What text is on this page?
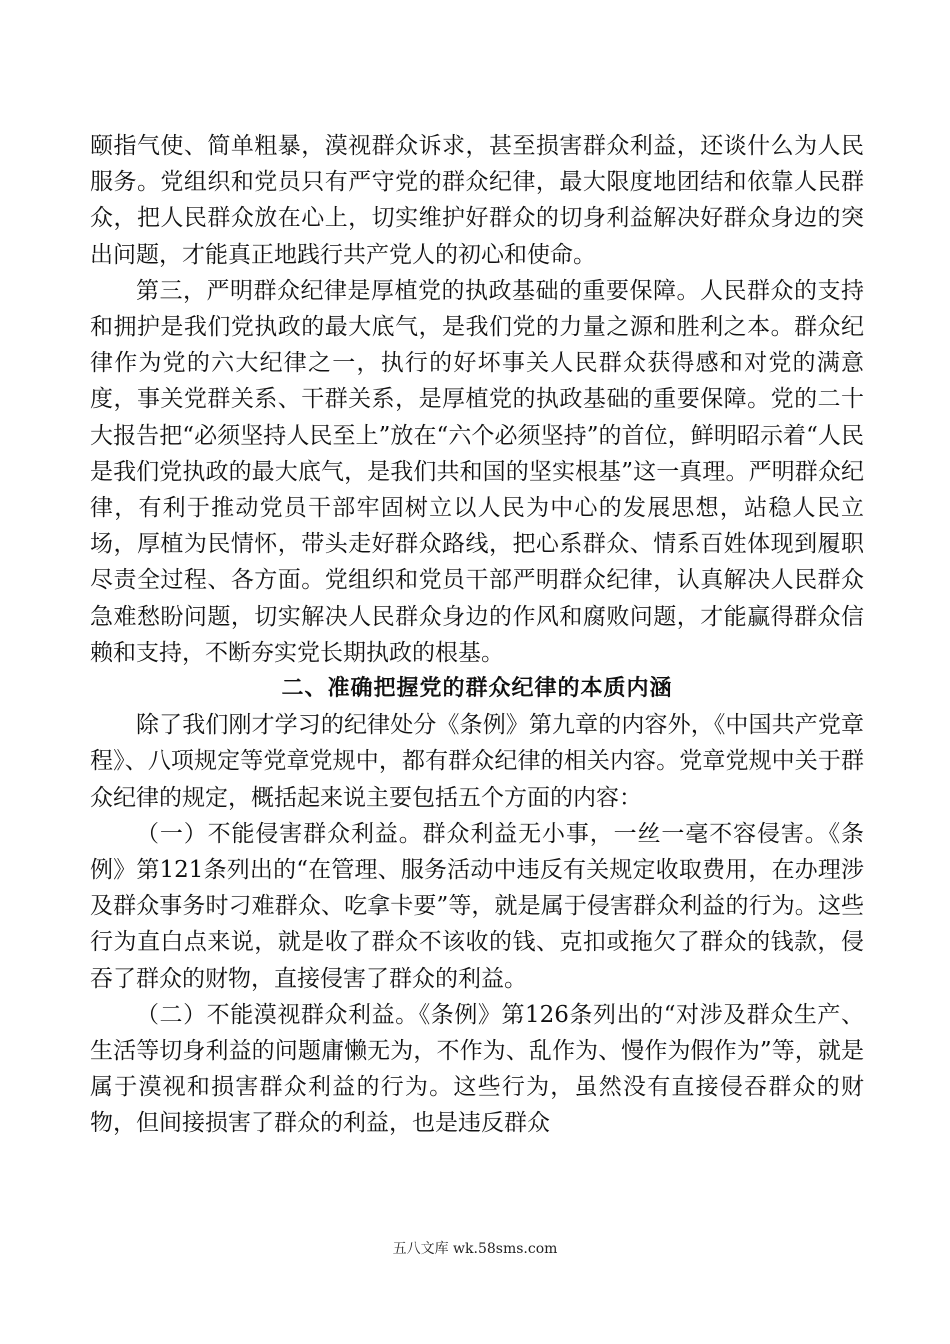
颐指气使、简单粗暴，漠视群众诉求，甚至损害群众利益，还谈什么为人民服务。党组织和党员只有严守党的群众纪律，最大限度地团结和依靠人民群众，把人民群众放在心上，切实维护好群众的切身利益解决好群众身边的突出问题，才能真正地践行共产党人的初心和使命。

第三，严明群众纪律是厚植党的执政基础的重要保障。人民群众的支持和拥护是我们党执政的最大底气，是我们党的力量之源和胜利之本。群众纪律作为党的六大纪律之一，执行的好坏事关人民群众获得感和对党的满意度，事关党群关系、干群关系，是厚植党的执政基础的重要保障。党的二十大报告把“必须坚持人民至上”放在“六个必须坚持”的首位，鲜明昭示着“人民是我们党执政的最大底气，是我们共和国的坚实根基”这一真理。严明群众纪律，有利于推动党员干部牢固树立以人民为中心的发展思想，站稳人民立场，厚植为民情怀，带头走好群众路线，把心系群众、情系百姓体现到履职尽责全过程、各方面。党组织和党员干部严明群众纪律，认真解决人民群众急难愁盼问题，切实解决人民群众身边的作风和腐败问题，才能赢得群众信赖和支持，不断夯实党长期执政的根基。

二、准确把握党的群众纪律的本质内涵

除了我们刚才学习的纪律处分《条例》第九章的内容外，《中国共产党章程》、八项规定等党章党规中，都有群众纪律的相关内容。党章党规中关于群众纪律的规定，概括起来说主要包括五个方面的内容：

（一）不能侵害群众利益。群众利益无小事，一丝一毫不容侵害。《条例》第121条列出的“在管理、服务活动中违反有关规定收取费用，在办理涉及群众事务时刁难群众、吃拿卡要”等，就是属于侵害群众利益的行为。这些行为直白点来说，就是收了群众不该收的钱、克扣或拖欠了群众的钱款，侵吞了群众的财物，直接侵害了群众的利益。

（二）不能漠视群众利益。《条例》第126条列出的“对涉及群众生产、生活等切身利益的问题庸懒无为，不作为、乱作为、慢作为假作为”等，就是属于漠视和损害群众利益的行为。这些行为，虽然没有直接侵吞群众的财物，但间接损害了群众的利益，也是违反群众

五八文库 wk.58sms.com
